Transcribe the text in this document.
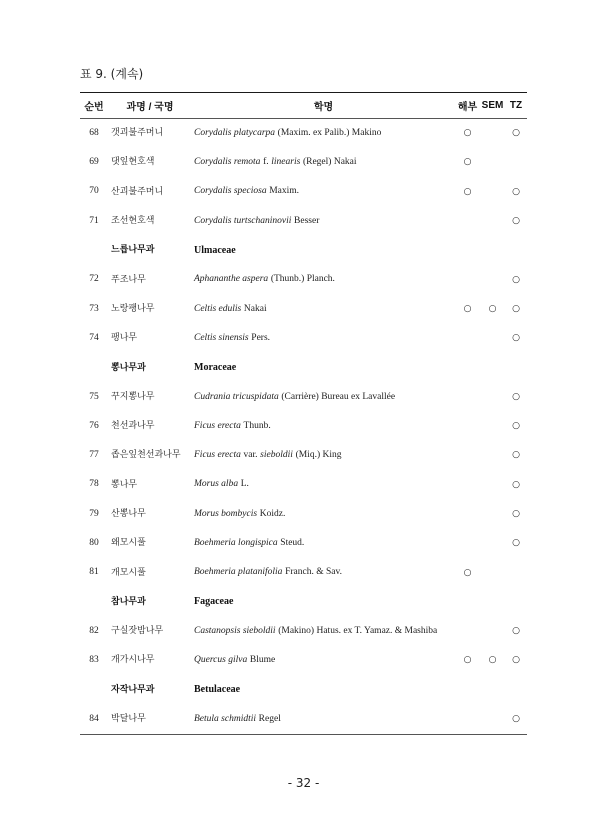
표 9. (계속)
순번	과명 / 국명	학명	해부	SEM	TZ
68	갯괴불주머니	Corydalis platycarpa (Maxim. ex Palib.) Makino	○		○
69	댓잎현호색	Corydalis remota f. linearis (Regel) Nakai	○		
70	산괴불주머니	Corydalis speciosa Maxim.	○		○
71	조선현호색	Corydalis turtschaninovii Besser			○
	느릅나무과	Ulmaceae			
72	푸조나무	Aphananthe aspera (Thunb.) Planch.			○
73	노랑팽나무	Celtis edulis Nakai	○	○	○
74	팽나무	Celtis sinensis Pers.			○
	뽕나무과	Moraceae			
75	꾸지뽕나무	Cudrania tricuspidata (Carrière) Bureau ex Lavallée			○
76	천선과나무	Ficus erecta Thunb.			○
77	좁은잎천선과나무	Ficus erecta var. sieboldii (Miq.) King			○
78	뽕나무	Morus alba L.			○
79	산뽕나무	Morus bombycis Koidz.			○
80	왜모시풀	Boehmeria longispica Steud.			○
81	개모시풀	Boehmeria platanifolia Franch. & Sav.	○		
	참나무과	Fagaceae			
82	구실잣밤나무	Castanopsis sieboldii (Makino) Hatus. ex T. Yamaz. & Mashiba			○
83	개가시나무	Quercus gilva Blume	○	○	○
	자작나무과	Betulaceae			
84	박달나무	Betula schmidtii Regel			○
- 32 -
